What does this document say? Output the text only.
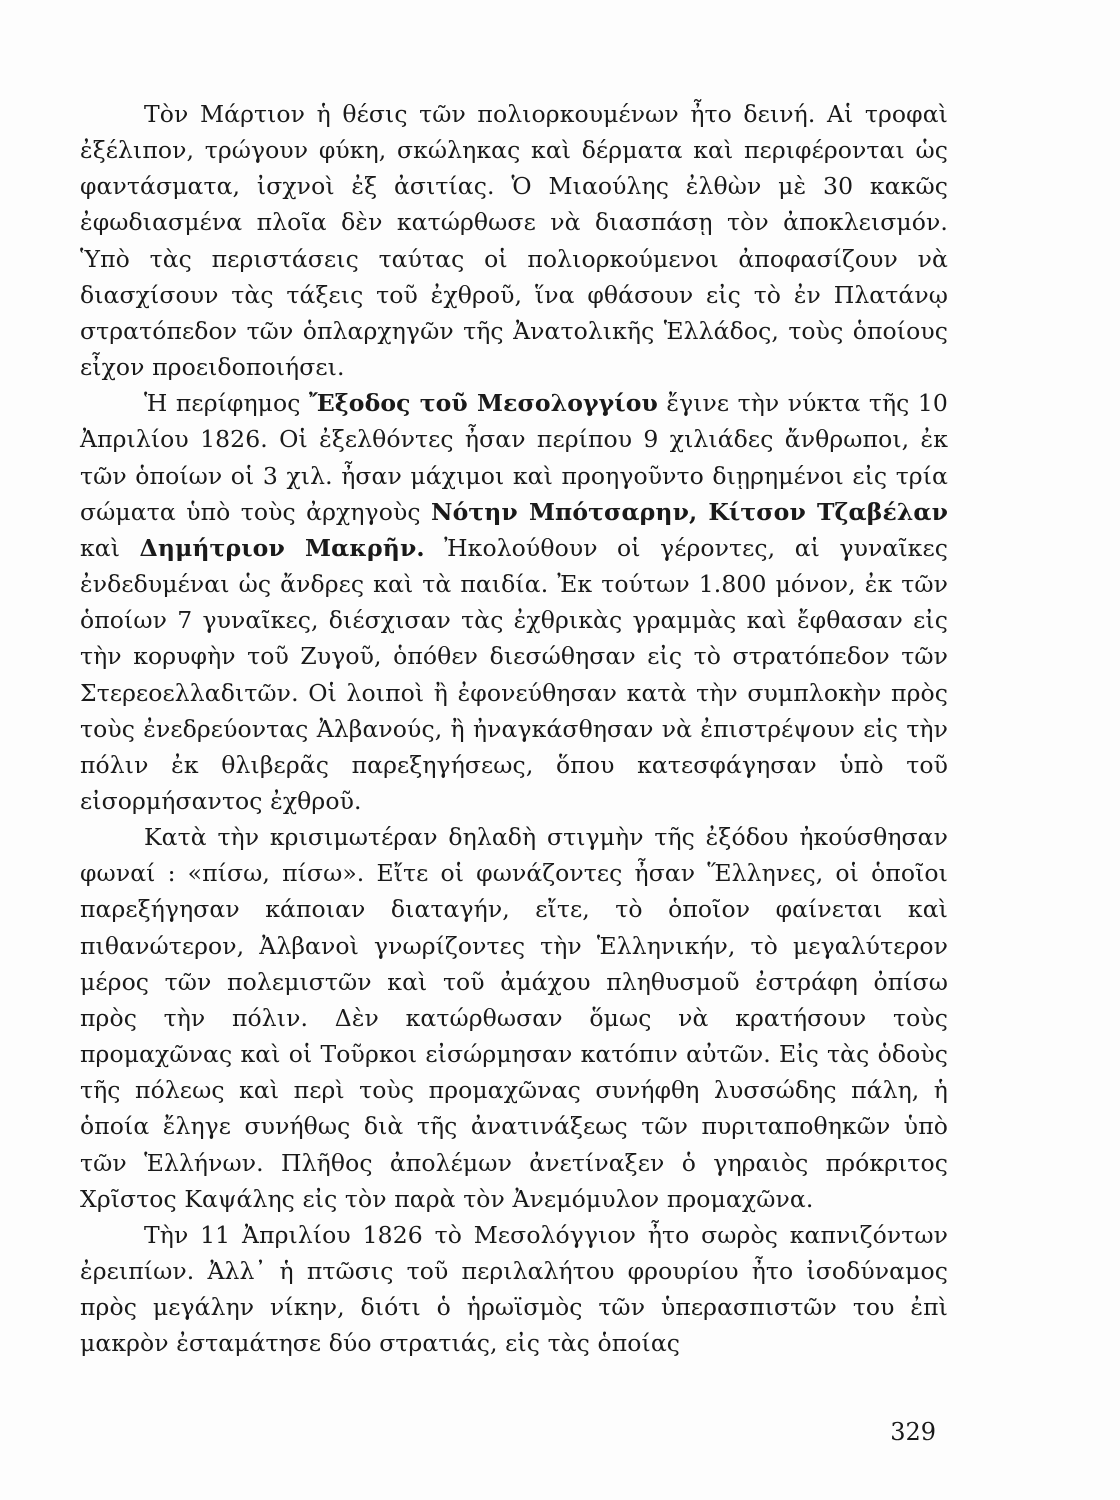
Τὸν Μάρτιον ἡ θέσις τῶν πολιορκουμένων ἦτο δεινή. Αἱ τροφαὶ ἐξέλιπον, τρώγουν φύκη, σκώληκας καὶ δέρματα καὶ περιφέρονται ὡς φαντάσματα, ἰσχνοὶ ἐξ ἀσιτίας. Ὁ Μιαούλης ἐλθὼν μὲ 30 κακῶς ἐφωδιασμένα πλοῖα δὲν κατώρθωσε νὰ διασπάσῃ τὸν ἀποκλεισμόν. Ὑπὸ τὰς περιστάσεις ταύτας οἱ πολιορκούμενοι ἀποφασίζουν νὰ διασχίσουν τὰς τάξεις τοῦ ἐχθροῦ, ἵνα φθάσουν εἰς τὸ ἐν Πλατάνῳ στρατόπεδον τῶν ὁπλαρχηγῶν τῆς Ἀνατολικῆς Ἑλλάδος, τοὺς ὁποίους εἶχον προειδοποιήσει.

Ἡ περίφημος Ἔξοδος τοῦ Μεσολογγίου ἔγινε τὴν νύκτα τῆς 10 Ἀπριλίου 1826. Οἱ ἐξελθόντες ἦσαν περίπου 9 χιλιάδες ἄνθρωποι, ἐκ τῶν ὁποίων οἱ 3 χιλ. ἦσαν μάχιμοι καὶ προηγοῦντο διῃρημένοι εἰς τρία σώματα ὑπὸ τοὺς ἀρχηγοὺς Νότην Μπότσαρην, Κίτσον Τζαβέλαν καὶ Δημήτριον Μακρῆν. Ἠκολούθουν οἱ γέροντες, αἱ γυναῖκες ἐνδεδυμέναι ὡς ἄνδρες καὶ τὰ παιδία. Ἐκ τούτων 1.800 μόνον, ἐκ τῶν ὁποίων 7 γυναῖκες, διέσχισαν τὰς ἐχθρικὰς γραμμὰς καὶ ἔφθασαν εἰς τὴν κορυφὴν τοῦ Ζυγοῦ, ὁπόθεν διεσώθησαν εἰς τὸ στρατόπεδον τῶν Στερεοελλαδιτῶν. Οἱ λοιποὶ ἢ ἐφονεύθησαν κατὰ τὴν συμπλοκὴν πρὸς τοὺς ἐνεδρεύοντας Ἀλβανούς, ἢ ἠναγκάσθησαν νὰ ἐπιστρέψουν εἰς τὴν πόλιν ἐκ θλιβερᾶς παρεξηγήσεως, ὅπου κατεσφάγησαν ὑπὸ τοῦ εἰσορμήσαντος ἐχθροῦ.

Κατὰ τὴν κρισιμωτέραν δηλαδὴ στιγμὴν τῆς ἐξόδου ἠκούσθησαν φωναί : «πίσω, πίσω». Εἴτε οἱ φωνάζοντες ἦσαν Ἕλληνες, οἱ ὁποῖοι παρεξήγησαν κάποιαν διαταγήν, εἴτε, τὸ ὁποῖον φαίνεται καὶ πιθανώτερον, Ἀλβανοὶ γνωρίζοντες τὴν Ἑλληνικήν, τὸ μεγαλύτερον μέρος τῶν πολεμιστῶν καὶ τοῦ ἀμάχου πληθυσμοῦ ἐστράφη ὀπίσω πρὸς τὴν πόλιν. Δὲν κατώρθωσαν ὅμως νὰ κρατήσουν τοὺς προμαχῶνας καὶ οἱ Τοῦρκοι εἰσώρμησαν κατόπιν αὐτῶν. Εἰς τὰς ὁδοὺς τῆς πόλεως καὶ περὶ τοὺς προμαχῶνας συνήφθη λυσσώδης πάλη, ἡ ὁποία ἔληγε συνήθως διὰ τῆς ἀνατινάξεως τῶν πυριταποθηκῶν ὑπὸ τῶν Ἑλλήνων. Πλῆθος ἀπολέμων ἀνετίναξεν ὁ γηραιὸς πρόκριτος Χρῖστος Καψάλης εἰς τὸν παρὰ τὸν Ἀνεμόμυλον προμαχῶνα.

Τὴν 11 Ἀπριλίου 1826 τὸ Μεσολόγγιον ἦτο σωρὸς καπνιζόντων ἐρειπίων. Ἀλλ᾽ ἡ πτῶσις τοῦ περιλαλήτου φρουρίου ἦτο ἰσοδύναμος πρὸς μεγάλην νίκην, διότι ὁ ἡρωϊσμὸς τῶν ὑπερασπιστῶν του ἐπὶ μακρὸν ἐσταμάτησε δύο στρατιάς, εἰς τὰς ὁποίας

329
